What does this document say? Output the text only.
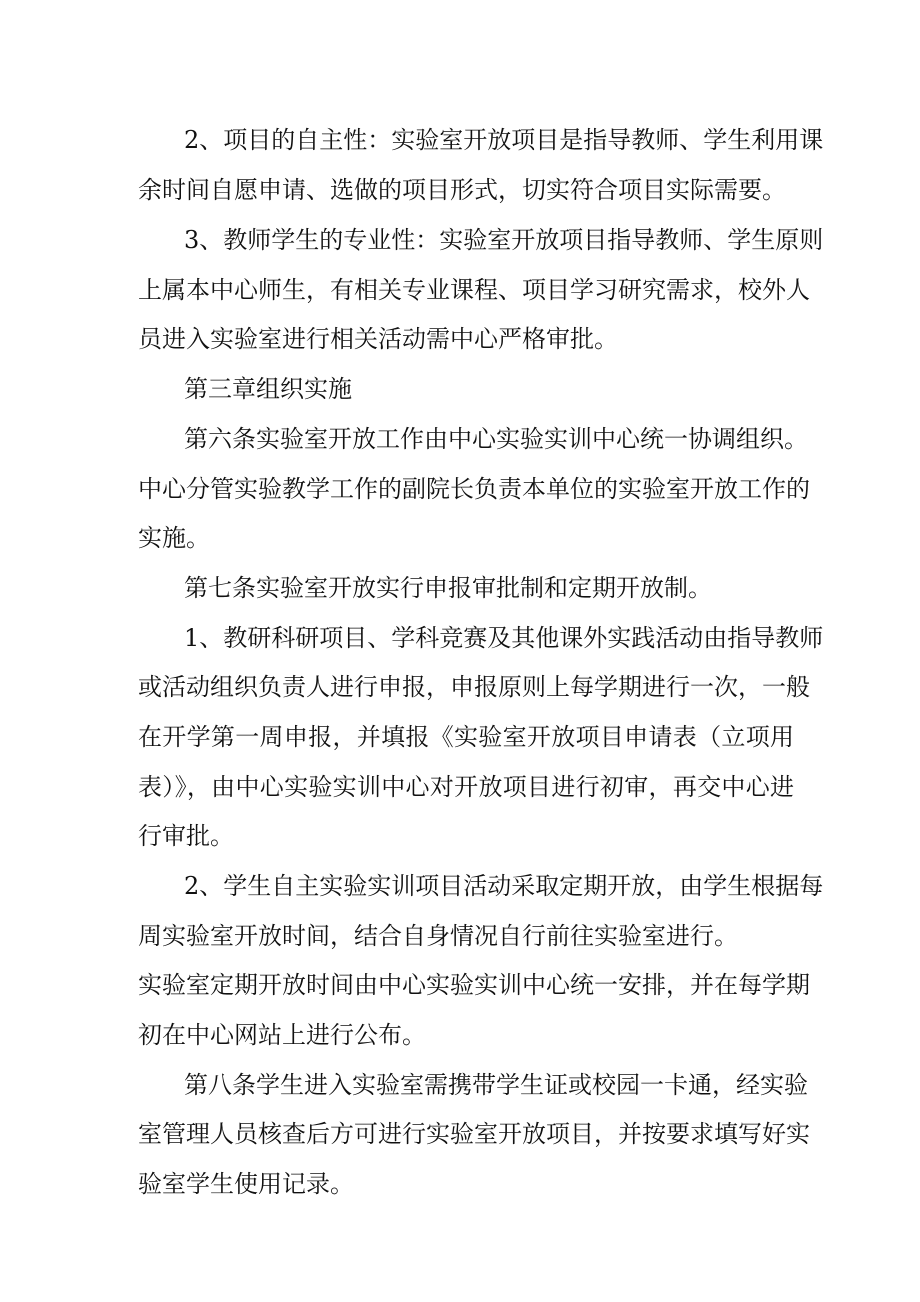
2、项目的自主性：实验室开放项目是指导教师、学生利用课
余时间自愿申请、选做的项目形式，切实符合项目实际需要。
3、教师学生的专业性：实验室开放项目指导教师、学生原则
上属本中心师生，有相关专业课程、项目学习研究需求，校外人
员进入实验室进行相关活动需中心严格审批。
第三章组织实施
第六条实验室开放工作由中心实验实训中心统一协调组织。
中心分管实验教学工作的副院长负责本单位的实验室开放工作的
实施。
第七条实验室开放实行申报审批制和定期开放制。
1、教研科研项目、学科竞赛及其他课外实践活动由指导教师
或活动组织负责人进行申报，申报原则上每学期进行一次，一般
在开学第一周申报，并填报《实验室开放项目申请表（立项用
表）》，由中心实验实训中心对开放项目进行初审，再交中心进
行审批。
2、学生自主实验实训项目活动采取定期开放，由学生根据每
周实验室开放时间，结合自身情况自行前往实验室进行。
实验室定期开放时间由中心实验实训中心统一安排，并在每学期
初在中心网站上进行公布。
第八条学生进入实验室需携带学生证或校园一卡通，经实验
室管理人员核查后方可进行实验室开放项目，并按要求填写好实
验室学生使用记录。
